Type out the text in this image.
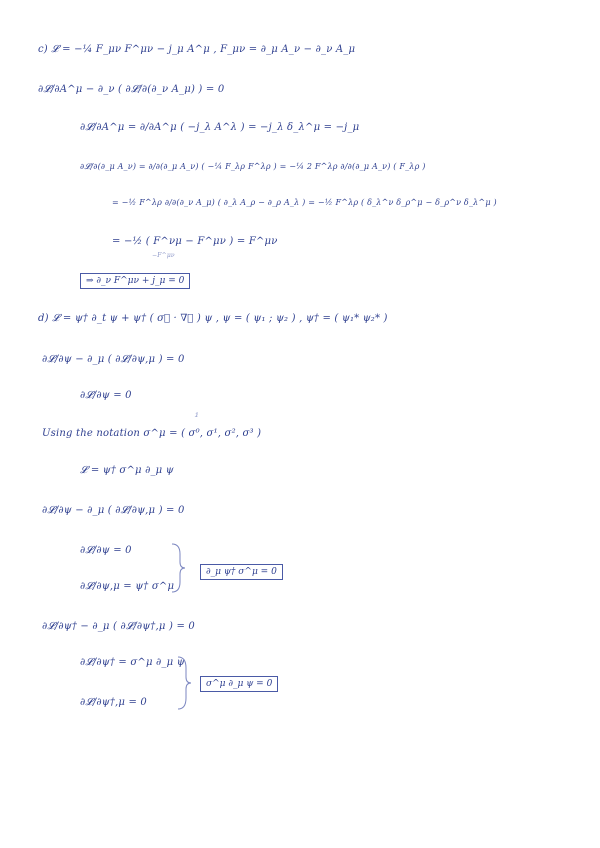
c) 𝓛 = −¼ F_μν F^μν − j_μ A^μ , F_μν = ∂_μ A_ν − ∂_ν A_μ
∂𝓛/∂A^μ − ∂_ν ( ∂𝓛/∂(∂_ν A_μ) ) = 0
∂𝓛/∂A^μ = ∂/∂A^μ ( −j_λ A^λ ) = −j_λ δ_λ^μ = −j_μ
∂𝓛/∂(∂_μ A_ν) = ∂/∂(∂_μ A_ν) ( −¼ F_λρ F^λρ ) = −¼ 2 F^λρ ∂/∂(∂_μ A_ν) ( F_λρ )
= −½ F^λρ ∂/∂(∂_ν A_μ) ( ∂_λ A_ρ − ∂_ρ A_λ ) = −½ F^λρ ( δ_λ^ν δ_ρ^μ − δ_ρ^ν δ_λ^μ )
= −½ ( F^νμ − F^μν ) = F^μν
−F^μν
⇒ ∂_ν F^μν + j_μ = 0
d) 𝓛 = ψ† ∂_t ψ + ψ† ( σ⃗ · ∇⃗ ) ψ , ψ = ( ψ₁ ; ψ₂ ) , ψ† = ( ψ₁* ψ₂* )
∂𝓛/∂ψ − ∂_μ ( ∂𝓛/∂ψ,μ ) = 0
∂𝓛/∂ψ = 0
𝟙
Using the notation σ^μ = ( σ⁰, σ¹, σ², σ³ )
𝓛 = ψ† σ^μ ∂_μ ψ
∂𝓛/∂ψ − ∂_μ ( ∂𝓛/∂ψ,μ ) = 0
∂𝓛/∂ψ = 0
∂𝓛/∂ψ,μ = ψ† σ^μ
∂_μ ψ† σ^μ = 0
∂𝓛/∂ψ† − ∂_μ ( ∂𝓛/∂ψ†,μ ) = 0
∂𝓛/∂ψ† = σ^μ ∂_μ ψ
∂𝓛/∂ψ†,μ = 0
σ^μ ∂_μ ψ = 0
